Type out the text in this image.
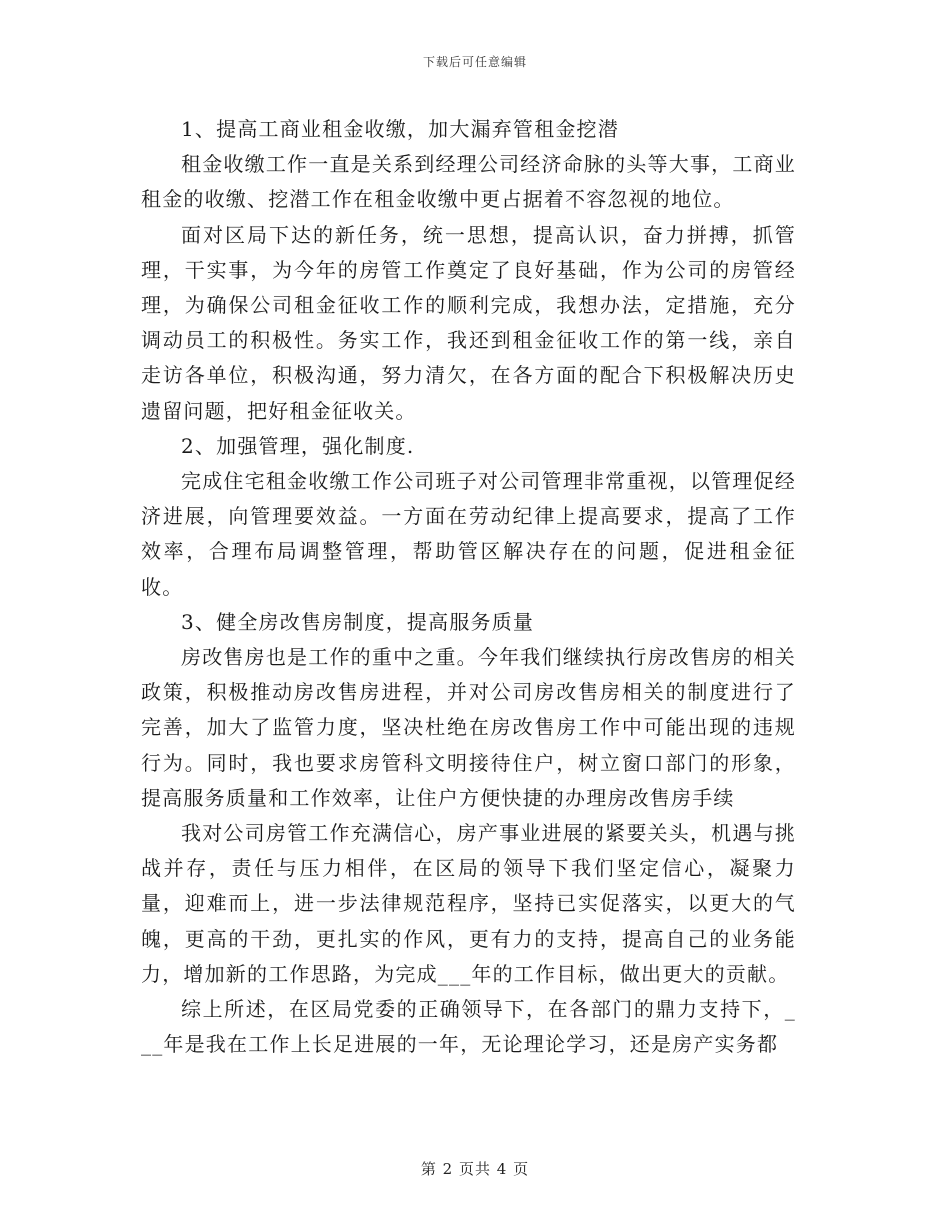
下载后可任意编辑

1、提高工商业租金收缴，加大漏弃管租金挖潜

租金收缴工作一直是关系到经理公司经济命脉的头等大事，工商业租金的收缴、挖潜工作在租金收缴中更占据着不容忽视的地位。

面对区局下达的新任务，统一思想，提高认识，奋力拼搏，抓管理，干实事，为今年的房管工作奠定了良好基础，作为公司的房管经理，为确保公司租金征收工作的顺利完成，我想办法，定措施，充分调动员工的积极性。务实工作，我还到租金征收工作的第一线，亲自走访各单位，积极沟通，努力清欠，在各方面的配合下积极解决历史遗留问题，把好租金征收关。

2、加强管理，强化制度.

完成住宅租金收缴工作公司班子对公司管理非常重视，以管理促经济进展，向管理要效益。一方面在劳动纪律上提高要求，提高了工作效率，合理布局调整管理，帮助管区解决存在的问题，促进租金征收。

3、健全房改售房制度，提高服务质量

房改售房也是工作的重中之重。今年我们继续执行房改售房的相关政策，积极推动房改售房进程，并对公司房改售房相关的制度进行了完善，加大了监管力度，坚决杜绝在房改售房工作中可能出现的违规行为。同时，我也要求房管科文明接待住户，树立窗口部门的形象，提高服务质量和工作效率，让住户方便快捷的办理房改售房手续

我对公司房管工作充满信心，房产事业进展的紧要关头，机遇与挑战并存，责任与压力相伴，在区局的领导下我们坚定信心，凝聚力量，迎难而上，进一步法律规范程序，坚持已实促落实，以更大的气魄，更高的干劲，更扎实的作风，更有力的支持，提高自己的业务能力，增加新的工作思路，为完成___年的工作目标，做出更大的贡献。

综上所述，在区局党委的正确领导下，在各部门的鼎力支持下，___年是我在工作上长足进展的一年，无论理论学习，还是房产实务都

第 2 页共 4 页
